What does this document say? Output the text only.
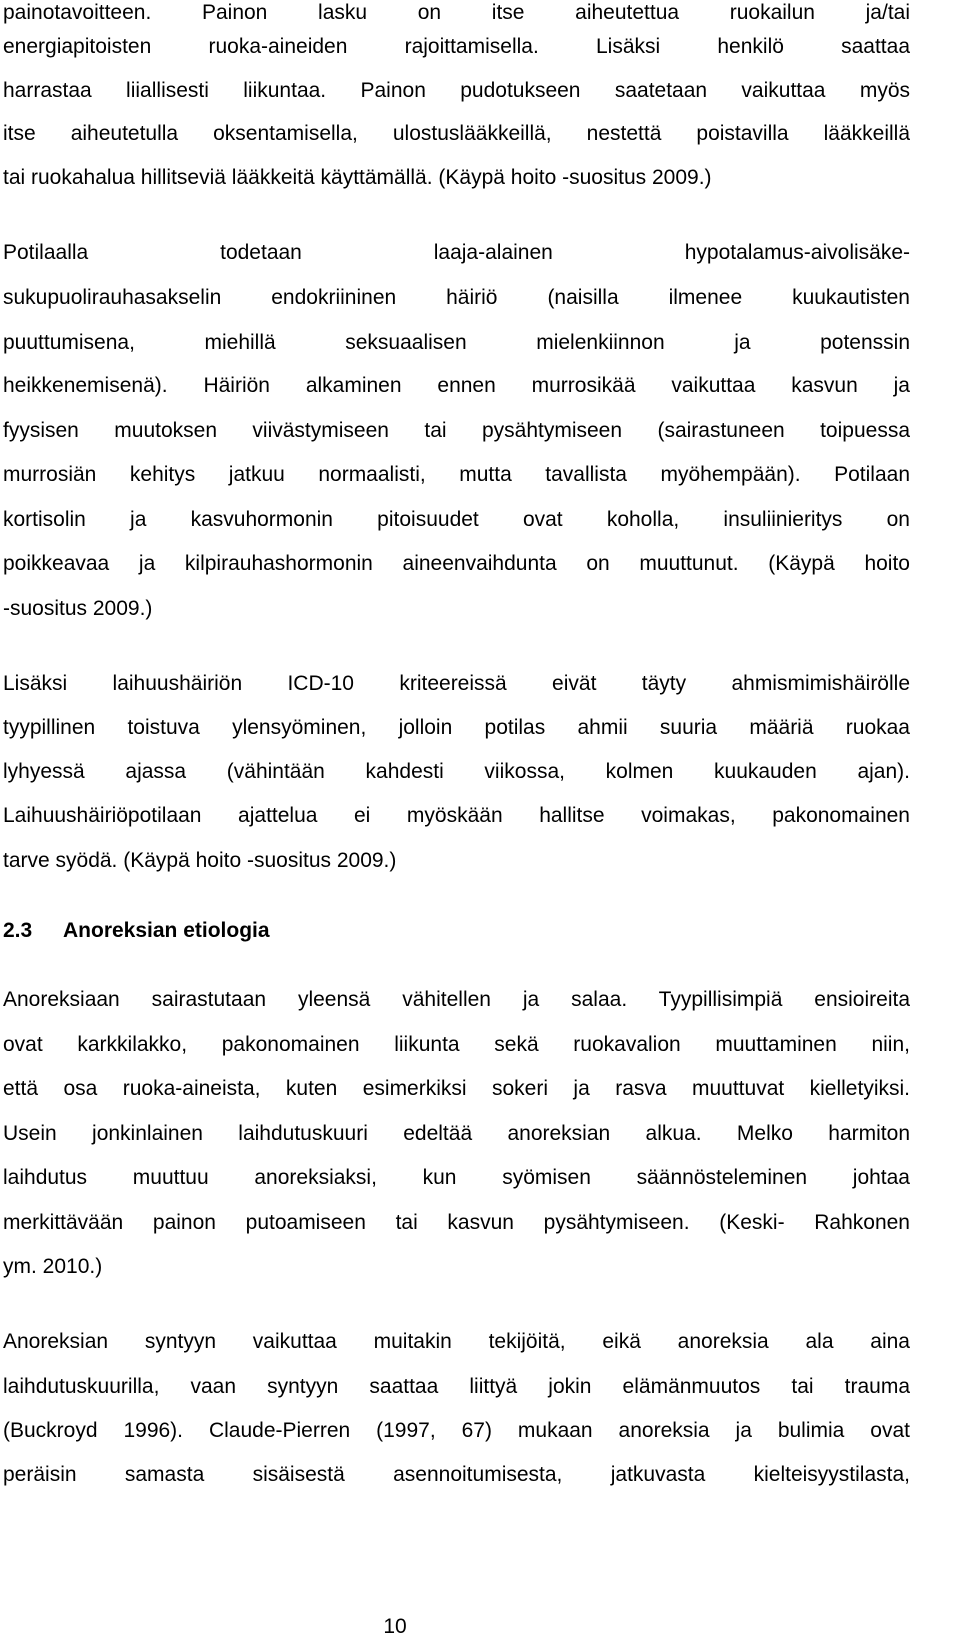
painotavoitteen. Painon lasku on itse aiheutettua ruokailun ja/tai
energiapitoisten ruoka-aineiden rajoittamisella. Lisäksi henkilö saattaa
harrastaa liiallisesti liikuntaa. Painon pudotukseen saatetaan vaikuttaa myös
itse aiheutetulla oksentamisella, ulostuslääkkeillä, nestettä poistavilla lääkkeillä
tai ruokahalua hillitseviä lääkkeitä käyttämällä. (Käypä hoito -suositus 2009.)
Potilaalla todetaan laaja-alainen hypotalamus-aivolisäke-
sukupuolirauhasakselin endokriininen häiriö (naisilla ilmenee kuukautisten
puuttumisena, miehillä seksuaalisen mielenkiinnon ja potenssin
heikkenemisenä). Häiriön alkaminen ennen murrosikää vaikuttaa kasvun ja
fyysisen muutoksen viivästymiseen tai pysähtymiseen (sairastuneen toipuessa
murrosiän kehitys jatkuu normaalisti, mutta tavallista myöhempään). Potilaan
kortisolin ja kasvuhormonin pitoisuudet ovat koholla, insuliinieritys on
poikkeavaa ja kilpirauhashormonin aineenvaihdunta on muuttunut. (Käypä hoito
-suositus 2009.)
Lisäksi laihuushäiriön ICD-10 kriteereissä eivät täyty ahmismimishäirölle
tyypillinen toistuva ylensyöminen, jolloin potilas ahmii suuria määriä ruokaa
lyhyessä ajassa (vähintään kahdesti viikossa, kolmen kuukauden ajan).
Laihuushäiriöpotilaan ajattelua ei myöskään hallitse voimakas, pakonomainen
tarve syödä. (Käypä hoito -suositus 2009.)
2.3 Anoreksian etiologia
Anoreksiaan sairastutaan yleensä vähitellen ja salaa. Tyypillisimpiä ensioireita
ovat karkkilakko, pakonomainen liikunta sekä ruokavalion muuttaminen niin,
että osa ruoka-aineista, kuten esimerkiksi sokeri ja rasva muuttuvat kielletyiksi.
Usein jonkinlainen laihdutuskuuri edeltää anoreksian alkua. Melko harmiton
laihdutus muuttuu anoreksiaksi, kun syömisen säännösteleminen johtaa
merkittävään painon putoamiseen tai kasvun pysähtymiseen. (Keski- Rahkonen
ym. 2010.)
Anoreksian syntyyn vaikuttaa muitakin tekijöitä, eikä anoreksia ala aina
laihdutuskuurilla, vaan syntyyn saattaa liittyä jokin elämänmuutos tai trauma
(Buckroyd 1996). Claude-Pierren (1997, 67) mukaan anoreksia ja bulimia ovat
peräisin samasta sisäisestä asennoitumisesta, jatkuvasta kielteisyystilasta,
10
